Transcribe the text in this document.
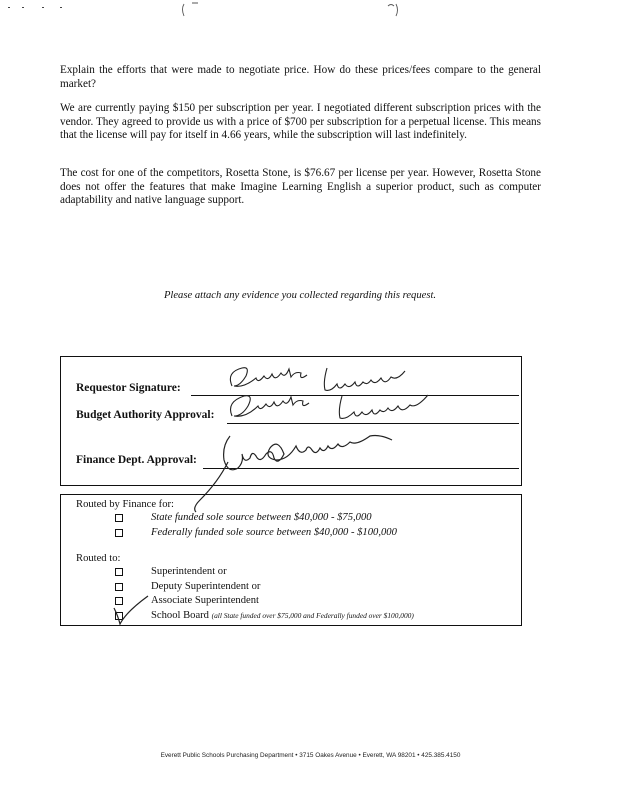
Explain the efforts that were made to negotiate price. How do these prices/fees compare to the general market?
We are currently paying $150 per subscription per year. I negotiated different subscription prices with the vendor. They agreed to provide us with a price of $700 per subscription for a perpetual license. This means that the license will pay for itself in 4.66 years, while the subscription will last indefinitely.
The cost for one of the competitors, Rosetta Stone, is $76.67 per license per year. However, Rosetta Stone does not offer the features that make Imagine Learning English a superior product, such as computer adaptability and native language support.
Please attach any evidence you collected regarding this request.
Requestor Signature:
Budget Authority Approval:
Finance Dept. Approval:
Routed by Finance for:
State funded sole source between $40,000 - $75,000
Federally funded sole source between $40,000 - $100,000
Routed to:
Superintendent or
Deputy Superintendent or
Associate Superintendent
School Board (all State funded over $75,000 and Federally funded over $100,000)
Everett Public Schools Purchasing Department • 3715 Oakes Avenue • Everett, WA 98201 • 425.385.4150
